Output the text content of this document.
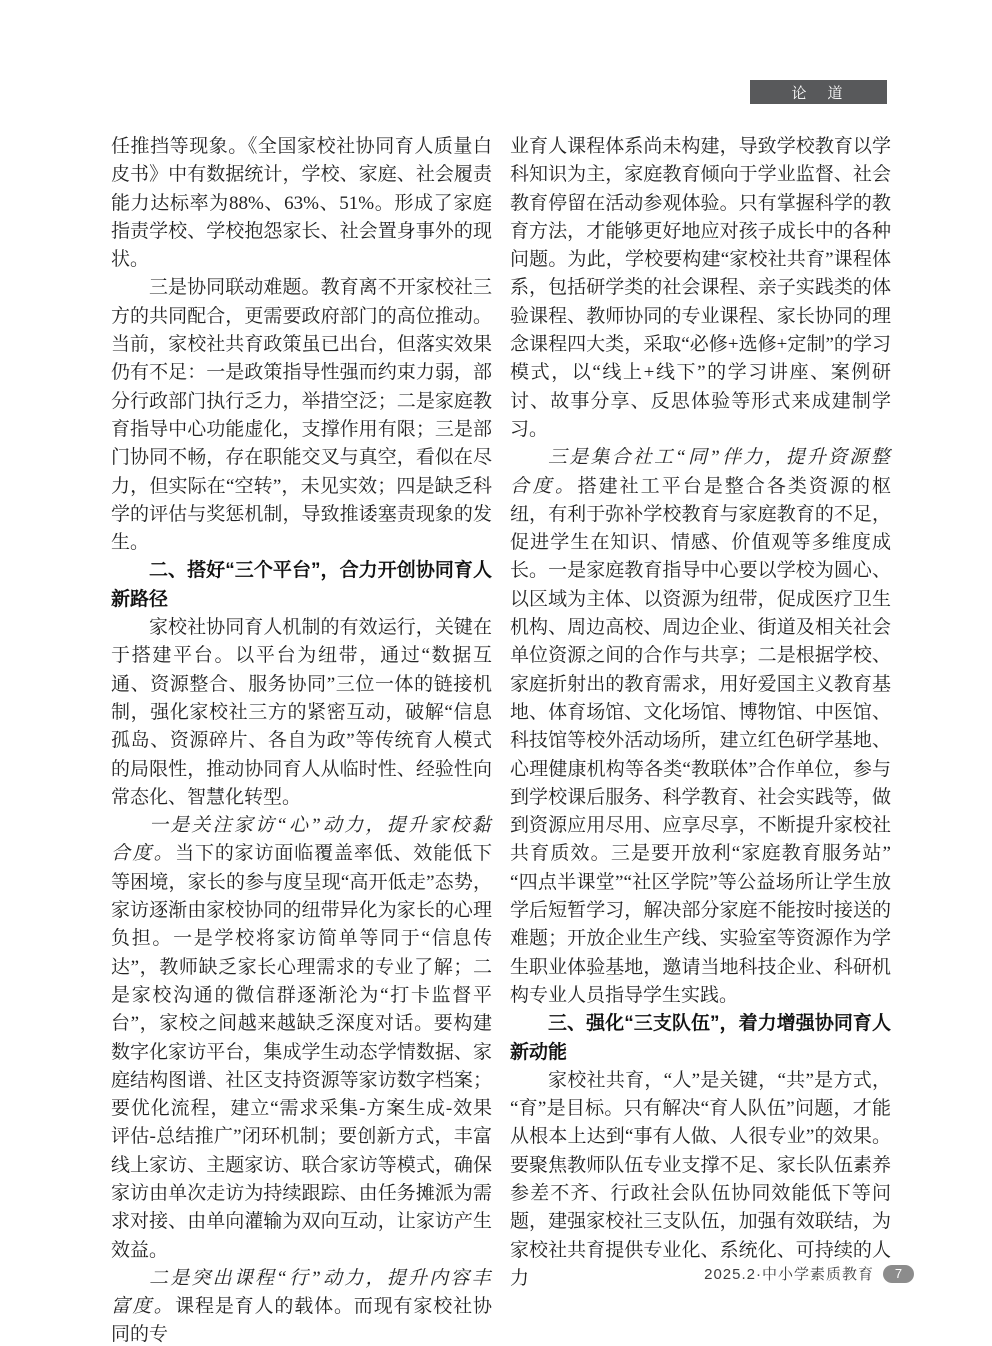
论　道

任推挡等现象。《全国家校社协同育人质量白皮书》中有数据统计，学校、家庭、社会履责能力达标率为88%、63%、51%。形成了家庭指责学校、学校抱怨家长、社会置身事外的现状。

三是协同联动难题。教育离不开家校社三方的共同配合，更需要政府部门的高位推动。当前，家校社共育政策虽已出台，但落实效果仍有不足：一是政策指导性强而约束力弱，部分行政部门执行乏力，举措空泛；二是家庭教育指导中心功能虚化，支撑作用有限；三是部门协同不畅，存在职能交叉与真空，看似在尽力，但实际在“空转”，未见实效；四是缺乏科学的评估与奖惩机制，导致推诿塞责现象的发生。

二、搭好“三个平台”，合力开创协同育人新路径

家校社协同育人机制的有效运行，关键在于搭建平台。以平台为纽带，通过“数据互通、资源整合、服务协同”三位一体的链接机制，强化家校社三方的紧密互动，破解“信息孤岛、资源碎片、各自为政”等传统育人模式的局限性，推动协同育人从临时性、经验性向常态化、智慧化转型。

一是关注家访“心”动力，提升家校黏合度。当下的家访面临覆盖率低、效能低下等困境，家长的参与度呈现“高开低走”态势，家访逐渐由家校协同的纽带异化为家长的心理负担。一是学校将家访简单等同于“信息传达”，教师缺乏家长心理需求的专业了解；二是家校沟通的微信群逐渐沦为“打卡监督平台”，家校之间越来越缺乏深度对话。要构建数字化家访平台，集成学生动态学情数据、家庭结构图谱、社区支持资源等家访数字档案；要优化流程，建立“需求采集-方案生成-效果评估-总结推广”闭环机制；要创新方式，丰富线上家访、主题家访、联合家访等模式，确保家访由单次走访为持续跟踪、由任务摊派为需求对接、由单向灌输为双向互动，让家访产生效益。

二是突出课程“行”动力，提升内容丰富度。课程是育人的载体。而现有家校社协同的专

业育人课程体系尚未构建，导致学校教育以学科知识为主，家庭教育倾向于学业监督、社会教育停留在活动参观体验。只有掌握科学的教育方法，才能够更好地应对孩子成长中的各种问题。为此，学校要构建“家校社共育”课程体系，包括研学类的社会课程、亲子实践类的体验课程、教师协同的专业课程、家长协同的理念课程四大类，采取“必修+选修+定制”的学习模式，以“线上+线下”的学习讲座、案例研讨、故事分享、反思体验等形式来成建制学习。

三是集合社工“同”伴力，提升资源整合度。搭建社工平台是整合各类资源的枢纽，有利于弥补学校教育与家庭教育的不足，促进学生在知识、情感、价值观等多维度成长。一是家庭教育指导中心要以学校为圆心、以区域为主体、以资源为纽带，促成医疗卫生机构、周边高校、周边企业、街道及相关社会单位资源之间的合作与共享；二是根据学校、家庭折射出的教育需求，用好爱国主义教育基地、体育场馆、文化场馆、博物馆、中医馆、科技馆等校外活动场所，建立红色研学基地、心理健康机构等各类“教联体”合作单位，参与到学校课后服务、科学教育、社会实践等，做到资源应用尽用、应享尽享，不断提升家校社共育质效。三是要开放利“家庭教育服务站”“四点半课堂”“社区学院”等公益场所让学生放学后短暂学习，解决部分家庭不能按时接送的难题；开放企业生产线、实验室等资源作为学生职业体验基地，邀请当地科技企业、科研机构专业人员指导学生实践。

三、强化“三支队伍”，着力增强协同育人新动能

家校社共育，“人”是关键，“共”是方式，“育”是目标。只有解决“育人队伍”问题，才能从根本上达到“事有人做、人很专业”的效果。要聚焦教师队伍专业支撑不足、家长队伍素养参差不齐、行政社会队伍协同效能低下等问题，建强家校社三支队伍，加强有效联结，为家校社共育提供专业化、系统化、可持续的人力	2025.2·中小学素质教育	7
